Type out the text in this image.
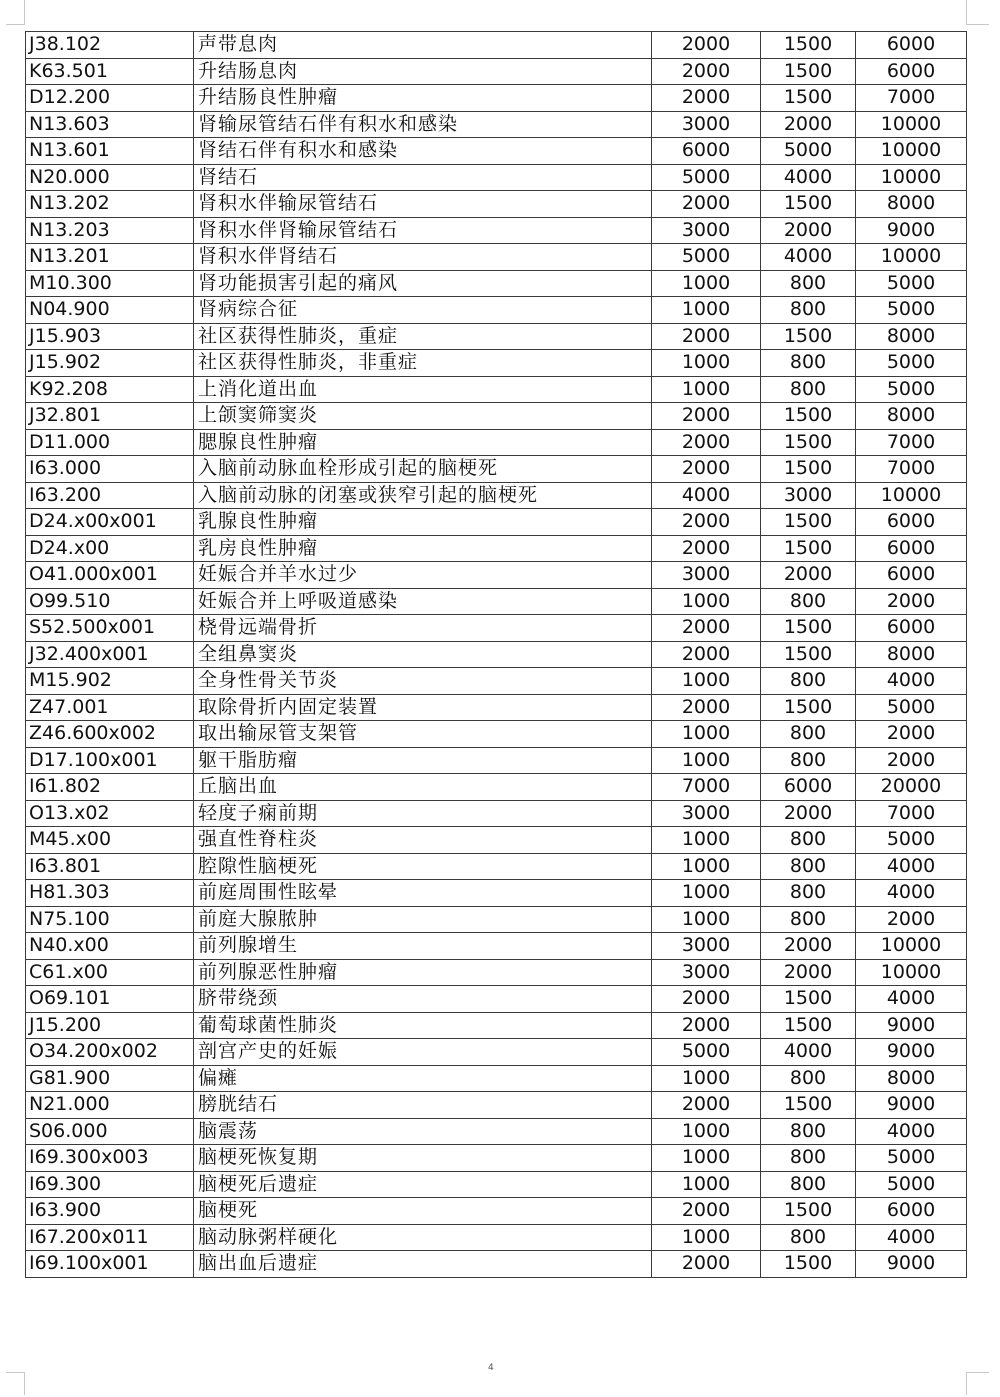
J38.102	声带息肉	2000	1500	6000
K63.501	升结肠息肉	2000	1500	6000
D12.200	升结肠良性肿瘤	2000	1500	7000
N13.603	肾输尿管结石伴有积水和感染	3000	2000	10000
N13.601	肾结石伴有积水和感染	6000	5000	10000
N20.000	肾结石	5000	4000	10000
N13.202	肾积水伴输尿管结石	2000	1500	8000
N13.203	肾积水伴肾输尿管结石	3000	2000	9000
N13.201	肾积水伴肾结石	5000	4000	10000
M10.300	肾功能损害引起的痛风	1000	800	5000
N04.900	肾病综合征	1000	800	5000
J15.903	社区获得性肺炎，重症	2000	1500	8000
J15.902	社区获得性肺炎，非重症	1000	800	5000
K92.208	上消化道出血	1000	800	5000
J32.801	上颌窦筛窦炎	2000	1500	8000
D11.000	腮腺良性肿瘤	2000	1500	7000
I63.000	入脑前动脉血栓形成引起的脑梗死	2000	1500	7000
I63.200	入脑前动脉的闭塞或狭窄引起的脑梗死	4000	3000	10000
D24.x00x001	乳腺良性肿瘤	2000	1500	6000
D24.x00	乳房良性肿瘤	2000	1500	6000
O41.000x001	妊娠合并羊水过少	3000	2000	6000
O99.510	妊娠合并上呼吸道感染	1000	800	2000
S52.500x001	桡骨远端骨折	2000	1500	6000
J32.400x001	全组鼻窦炎	2000	1500	8000
M15.902	全身性骨关节炎	1000	800	4000
Z47.001	取除骨折内固定装置	2000	1500	5000
Z46.600x002	取出输尿管支架管	1000	800	2000
D17.100x001	躯干脂肪瘤	1000	800	2000
I61.802	丘脑出血	7000	6000	20000
O13.x02	轻度子痫前期	3000	2000	7000
M45.x00	强直性脊柱炎	1000	800	5000
I63.801	腔隙性脑梗死	1000	800	4000
H81.303	前庭周围性眩晕	1000	800	4000
N75.100	前庭大腺脓肿	1000	800	2000
N40.x00	前列腺增生	3000	2000	10000
C61.x00	前列腺恶性肿瘤	3000	2000	10000
O69.101	脐带绕颈	2000	1500	4000
J15.200	葡萄球菌性肺炎	2000	1500	9000
O34.200x002	剖宫产史的妊娠	5000	4000	9000
G81.900	偏瘫	1000	800	8000
N21.000	膀胱结石	2000	1500	9000
S06.000	脑震荡	1000	800	4000
I69.300x003	脑梗死恢复期	1000	800	5000
I69.300	脑梗死后遗症	1000	800	5000
I63.900	脑梗死	2000	1500	6000
I67.200x011	脑动脉粥样硬化	1000	800	4000
I69.100x001	脑出血后遗症	2000	1500	9000
4
